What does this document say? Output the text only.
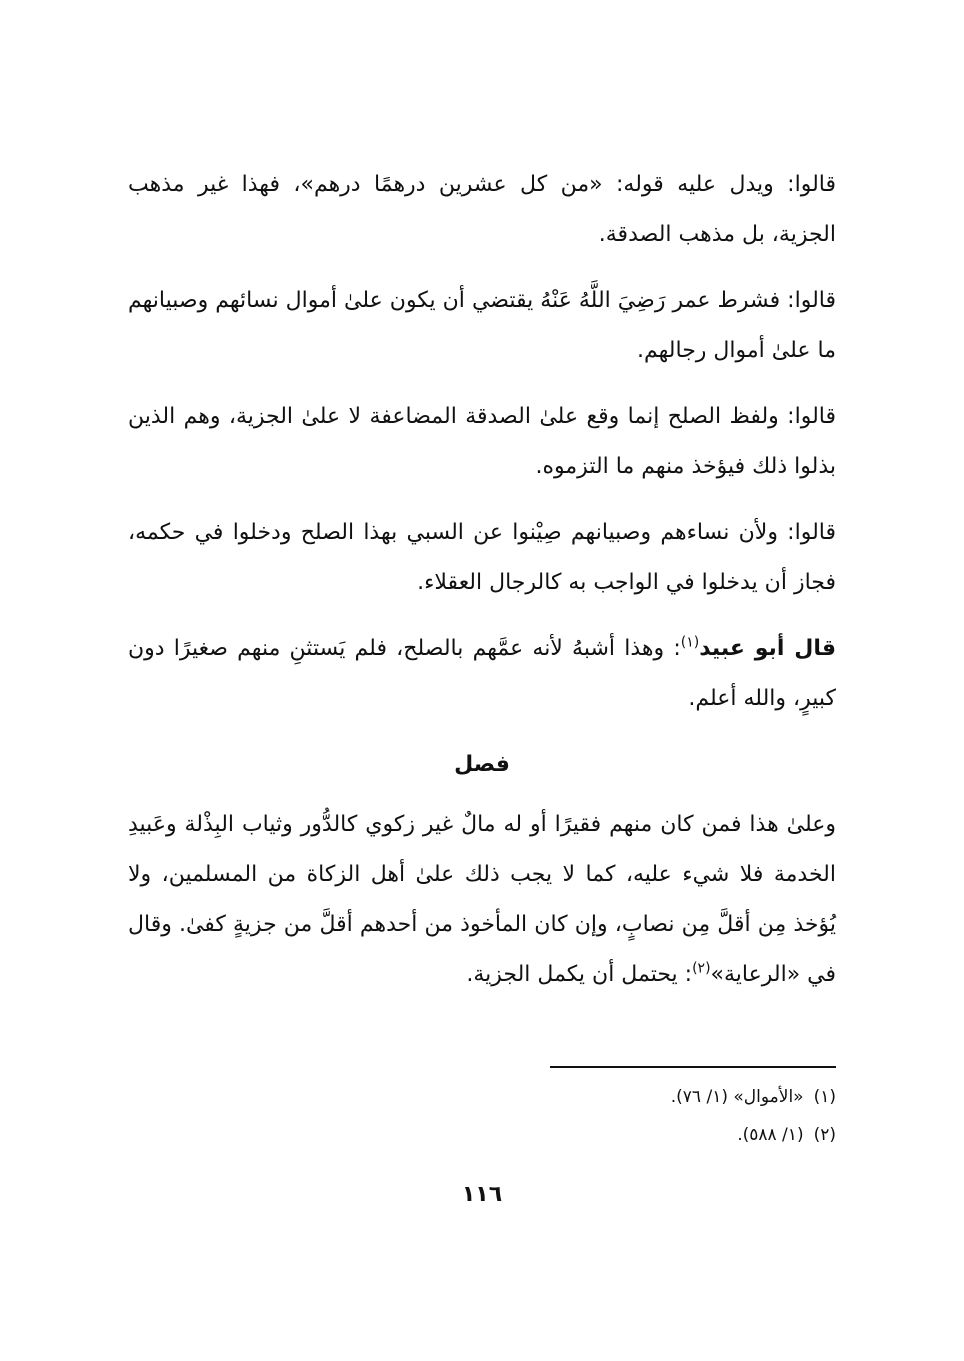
قالوا: ويدل عليه قوله: «من كل عشرين درهمًا درهم»، فهذا غير مذهب الجزية، بل مذهب الصدقة.

قالوا: فشرط عمر رَضِيَ اللَّهُ عَنْهُ يقتضي أن يكون علىٰ أموال نسائهم وصبيانهم ما علىٰ أموال رجالهم.

قالوا: ولفظ الصلح إنما وقع علىٰ الصدقة المضاعفة لا علىٰ الجزية، وهم الذين بذلوا ذلك فيؤخذ منهم ما التزموه.

قالوا: ولأن نساءهم وصبيانهم صِيْنوا عن السبي بهذا الصلح ودخلوا في حكمه، فجاز أن يدخلوا في الواجب به كالرجال العقلاء.

قال أبو عبيد$^{(١)}$: وهذا أشبهُ لأنه عمَّهم بالصلح، فلم يَستثنِ منهم صغيرًا دون كبيرٍ، والله أعلم.

فصل

وعلىٰ هذا فمن كان منهم فقيرًا أو له مالٌ غير زكوي كالدُّور وثياب البِذْلة وعَبيدِ الخدمة فلا شيء عليه، كما لا يجب ذلك علىٰ أهل الزكاة من المسلمين، ولا يُؤخذ مِن أقلَّ مِن نصابٍ، وإن كان المأخوذ من أحدهم أقلَّ من جزيةٍ كفىٰ. وقال في «الرعاية»$^{(٢)}$: يحتمل أن يكمل الجزية.

(١)«الأموال» (١/ ٧٦).

(٢)(١/ ٥٨٨).

١١٦
